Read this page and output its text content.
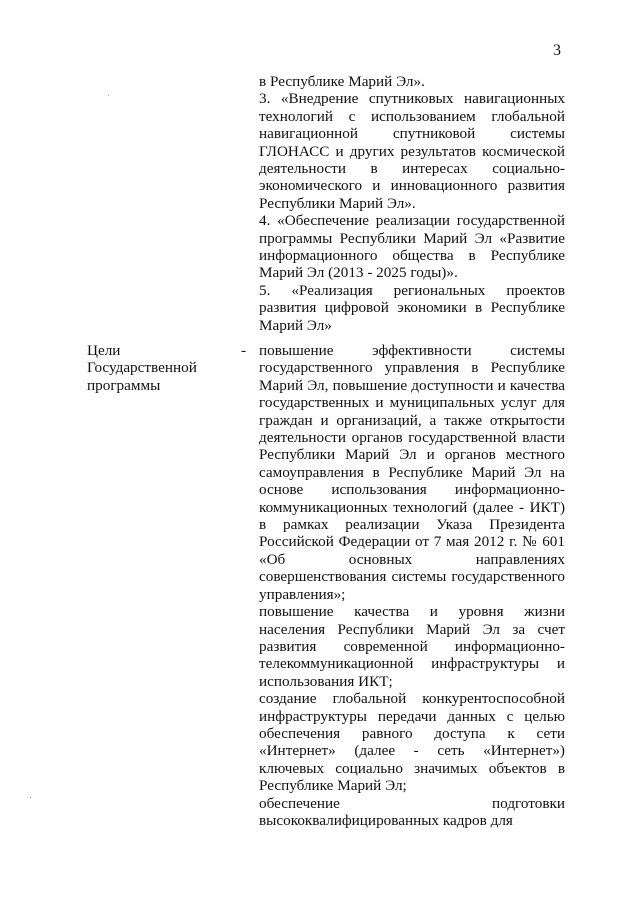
3

в Республике Марий Эл».

3. «Внедрение спутниковых навигационных технологий с использованием глобальной навигационной спутниковой системы ГЛОНАСС и других результатов космической деятельности в интересах социально-экономического и инновационного развития Республики Марий Эл».

4. «Обеспечение реализации государственной программы Республики Марий Эл «Развитие информационного общества в Республике Марий Эл (2013 - 2025 годы)».

5. «Реализация региональных проектов развития цифровой экономики в Республике Марий Эл»

Цели
Государственной
программы
- повышение эффективности системы государственного управления в Республике Марий Эл, повышение доступности и качества государственных и муниципальных услуг для граждан и организаций, а также открытости деятельности органов государственной власти Республики Марий Эл и органов местного самоуправления в Республике Марий Эл на основе использования информационно-коммуникационных технологий (далее - ИКТ) в рамках реализации Указа Президента Российской Федерации от 7 мая 2012 г. № 601 «Об основных направлениях совершенствования системы государственного управления»;

повышение качества и уровня жизни населения Республики Марий Эл за счет развития современной информационно-телекоммуникационной инфраструктуры и использования ИКТ;

создание глобальной конкурентоспособной инфраструктуры передачи данных с целью обеспечения равного доступа к сети «Интернет» (далее - сеть «Интернет») ключевых социально значимых объектов в Республике Марий Эл;

обеспечение подготовки высококвалифицированных кадров для
